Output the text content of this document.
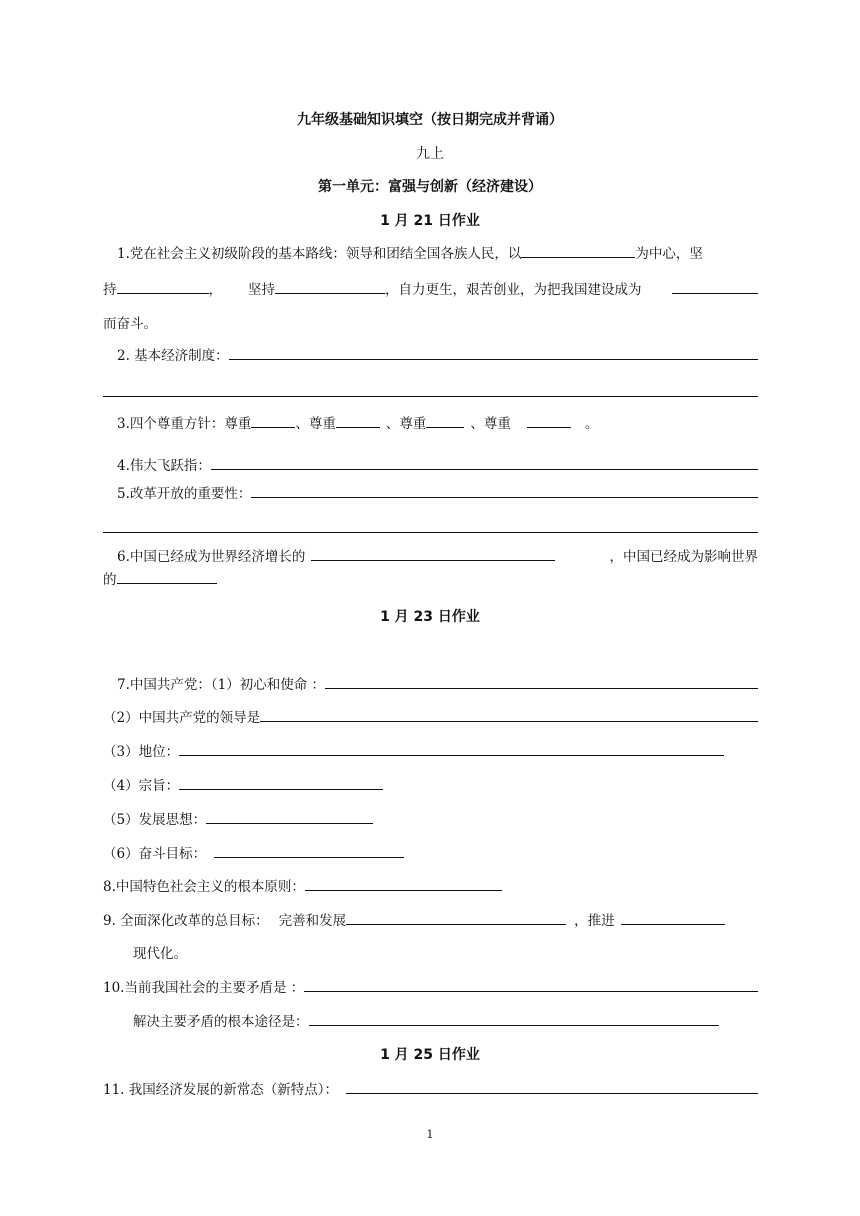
九年级基础知识填空（按日期完成并背诵）
九上
第一单元：富强与创新（经济建设）
1 月 21 日作业
1.党在社会主义初级阶段的基本路线：领导和团结全国各族人民，以	为中心，坚
持	， 坚持	，自力更生，艰苦创业，为把我国建设成为
而奋斗。
2. 基本经济制度：
3.四个尊重方针：尊重	、尊重	、尊重	、尊重	。
4.伟大飞跃指：
5.改革开放的重要性：
6.中国已经成为世界经济增长的	，中国已经成为影响世界
的
1 月 23 日作业
7.中国共产党：（1）初心和使命 ：
（2）中国共产党的领导是
（3）地位：
（4）宗旨：
（5）发展思想：
（6）奋斗目标：
8.中国特色社会主义的根本原则：
9. 全面深化改革的总目标： 完善和发展	，推进
现代化。
10.当前我国社会的主要矛盾是 ：
解决主要矛盾的根本途径是：
1 月 25 日作业
11. 我国经济发展的新常态（新特点）：
1
